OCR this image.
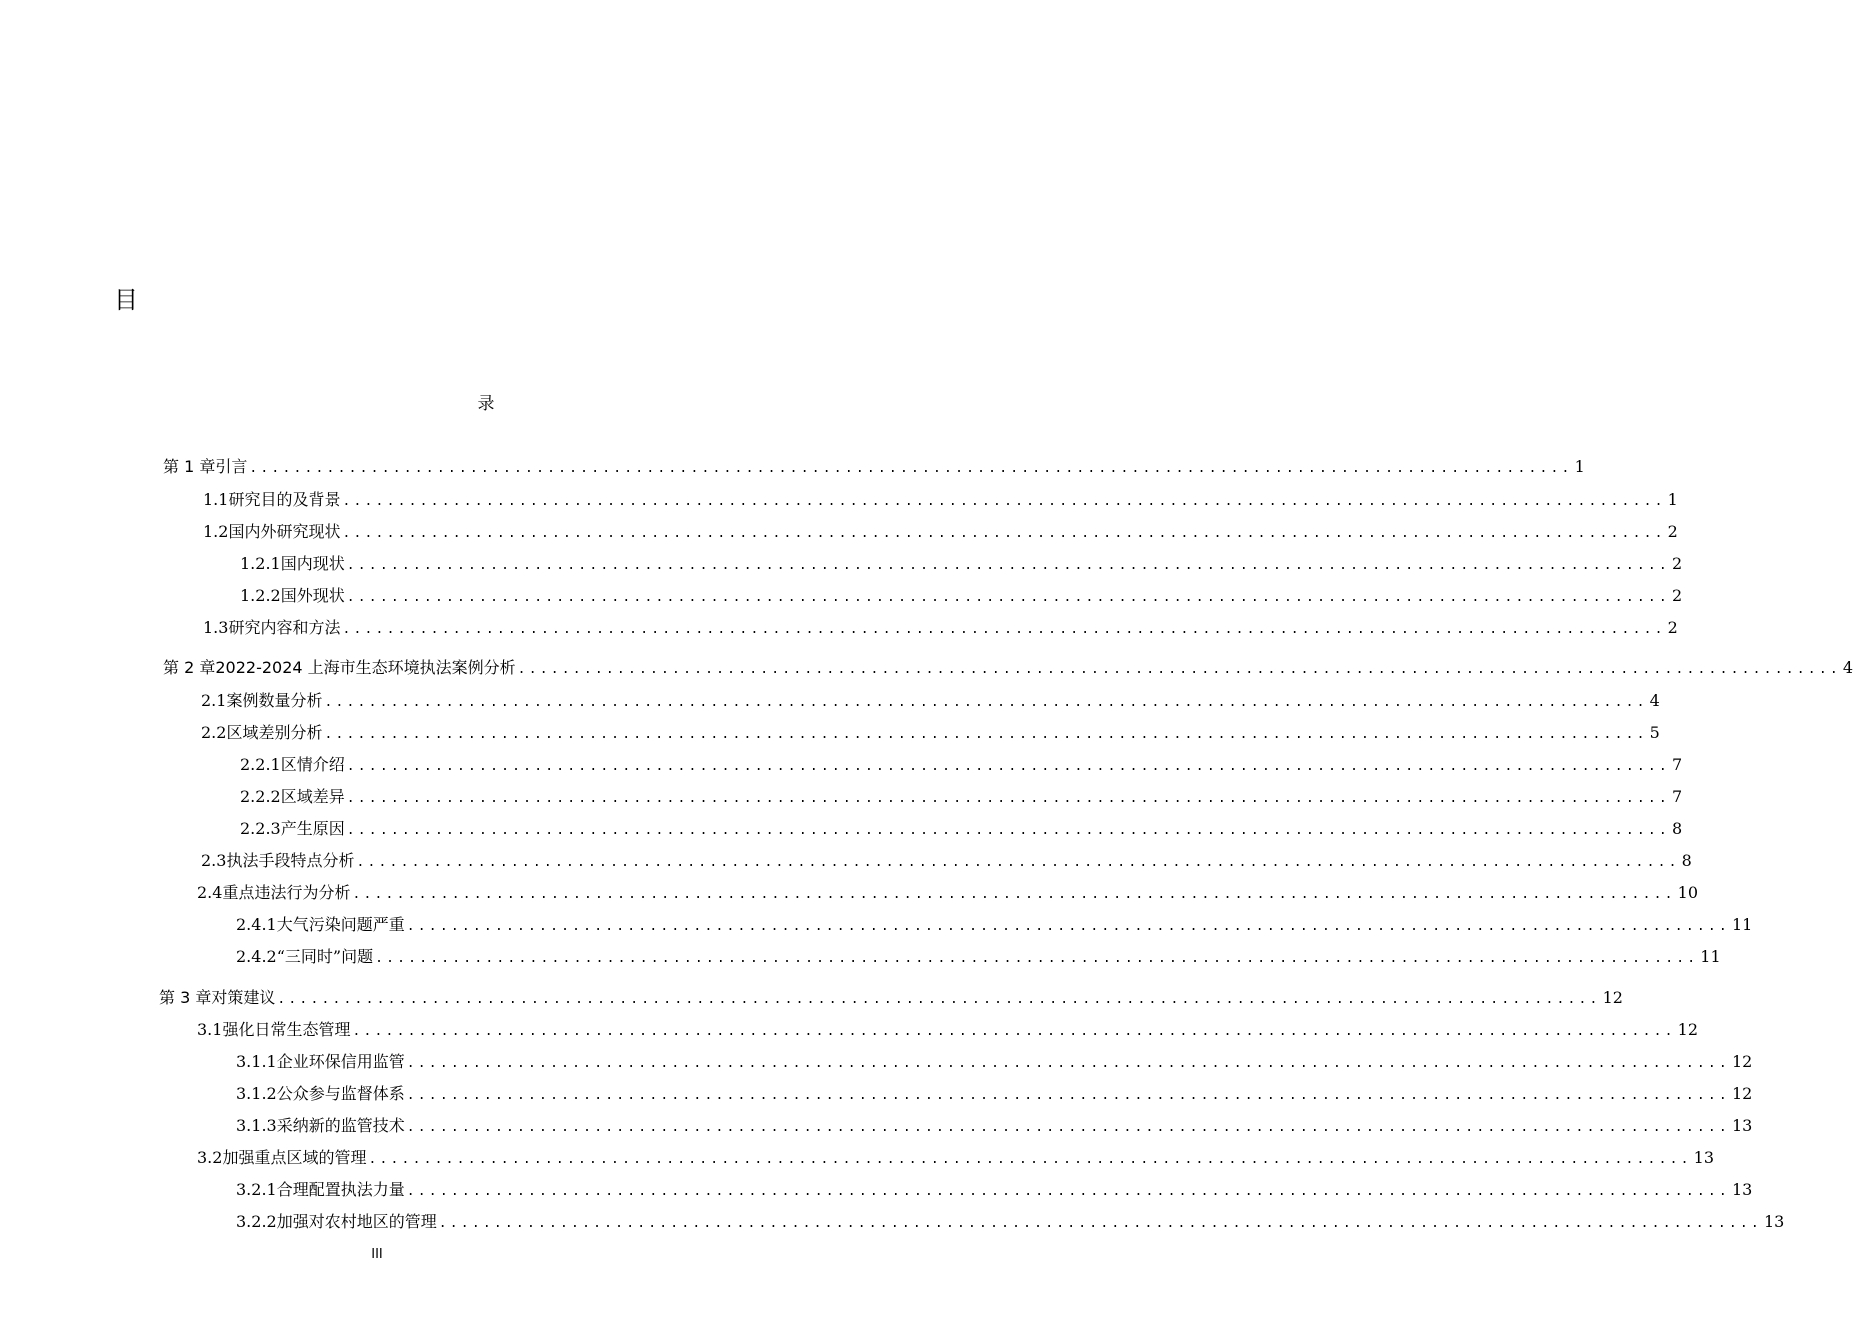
目
录
第 1 章 引言 ........................................................................................................................ 1
1.1 研究目的及背景 ........................................................................................................................ 1
1.2 国内外研究现状 ........................................................................................................................ 2
1.2.1 国内现状 ........................................................................................................................ 2
1.2.2 国外现状 ........................................................................................................................ 2
1.3 研究内容和方法 ........................................................................................................................ 2
第 2 章 2022-2024 上海市生态环境执法案例分析 ........................................................................................................................ 4
2.1 案例数量分析 ........................................................................................................................ 4
2.2 区域差别分析 ........................................................................................................................ 5
2.2.1 区情介绍 ........................................................................................................................ 7
2.2.2 区域差异 ........................................................................................................................ 7
2.2.3 产生原因 ........................................................................................................................ 8
2.3 执法手段特点分析 ........................................................................................................................ 8
2.4 重点违法行为分析 ........................................................................................................................ 10
2.4.1 大气污染问题严重 ........................................................................................................................ 11
2.4.2 “三同时”问题 ........................................................................................................................ 11
第 3 章 对策建议 ........................................................................................................................ 12
3.1 强化日常生态管理 ........................................................................................................................ 12
3.1.1 企业环保信用监管 ........................................................................................................................ 12
3.1.2 公众参与监督体系 ........................................................................................................................ 12
3.1.3 采纳新的监管技术 ........................................................................................................................ 13
3.2 加强重点区域的管理 ........................................................................................................................ 13
3.2.1 合理配置执法力量 ........................................................................................................................ 13
3.2.2 加强对农村地区的管理 ........................................................................................................................ 13
III
